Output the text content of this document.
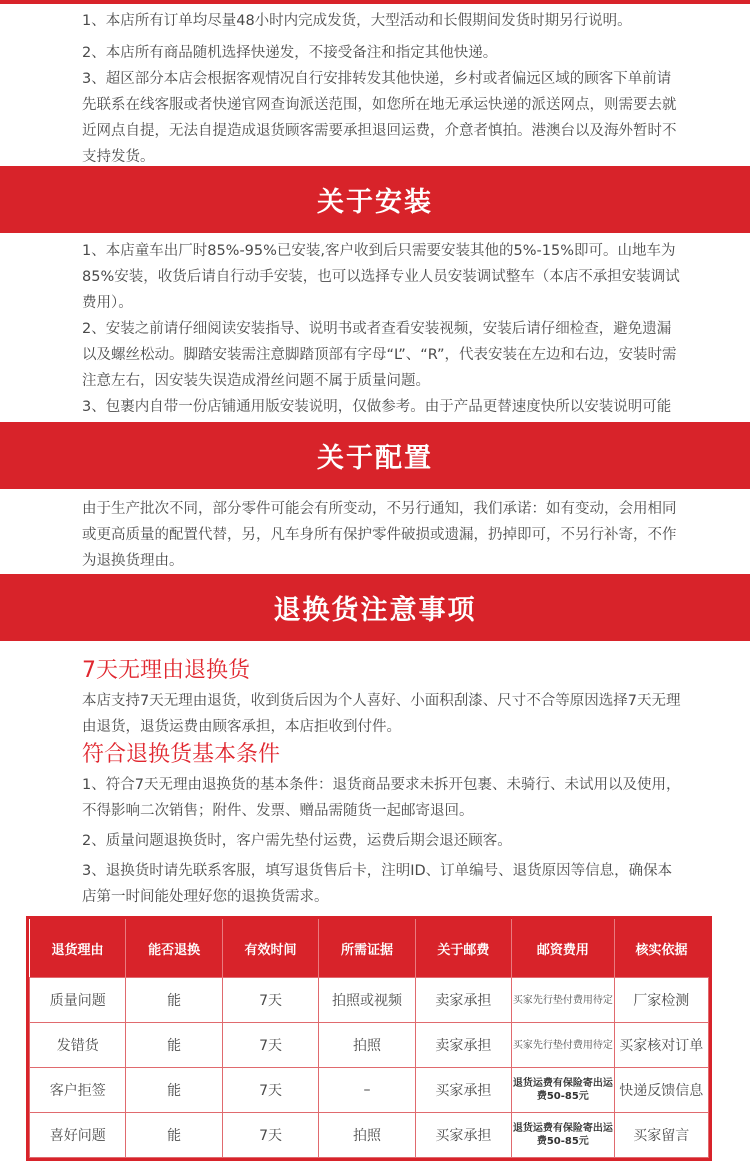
1、本店所有订单均尽量48小时内完成发货，大型活动和长假期间发货时期另行说明。
2、本店所有商品随机选择快递发，不接受备注和指定其他快递。
3、超区部分本店会根据客观情况自行安排转发其他快递，乡村或者偏远区域的顾客下单前请先联系在线客服或者快递官网查询派送范围，如您所在地无承运快递的派送网点，则需要去就近网点自提，无法自提造成退货顾客需要承担退回运费，介意者慎拍。港澳台以及海外暂时不支持发货。
关于安装
1、本店童车出厂时85%-95%已安装,客户收到后只需要安装其他的5%-15%即可。山地车为85%安装，收货后请自行动手安装，也可以选择专业人员安装调试整车（本店不承担安装调试费用）。
2、安装之前请仔细阅读安装指导、说明书或者查看安装视频，安装后请仔细检查，避免遗漏以及螺丝松动。脚踏安装需注意脚踏顶部有字母“L”、“R”，代表安装在左边和右边，安装时需注意左右，因安装失误造成滑丝问题不属于质量问题。
3、包裹内自带一份店铺通用版安装说明，仅做参考。由于产品更替速度快所以安装说明可能
关于配置
由于生产批次不同，部分零件可能会有所变动，不另行通知，我们承诺：如有变动，会用相同或更高质量的配置代替，另，凡车身所有保护零件破损或遗漏，扔掉即可，不另行补寄，不作为退换货理由。
退换货注意事项
7天无理由退换货
本店支持7天无理由退货，收到货后因为个人喜好、小面积刮漆、尺寸不合等原因选择7天无理由退货，退货运费由顾客承担，本店拒收到付件。
符合退换货基本条件
1、符合7天无理由退换货的基本条件：退货商品要求未拆开包裹、未骑行、未试用以及使用，不得影响二次销售；附件、发票、赠品需随货一起邮寄退回。
2、质量问题退换货时，客户需先垫付运费，运费后期会退还顾客。
3、退换货时请先联系客服，填写退货售后卡，注明ID、订单编号、退货原因等信息，确保本店第一时间能处理好您的退换货需求。
退货理由	能否退换	有效时间	所需证据	关于邮费	邮资费用	核实依据
质量问题	能	7天	拍照或视频	卖家承担	买家先行垫付费用待定	厂家检测
发错货	能	7天	拍照	卖家承担	买家先行垫付费用待定	买家核对订单
客户拒签	能	7天	–	买家承担	退货运费有保险寄出运费50-85元	快递反馈信息
喜好问题	能	7天	拍照	买家承担	退货运费有保险寄出运费50-85元	买家留言
